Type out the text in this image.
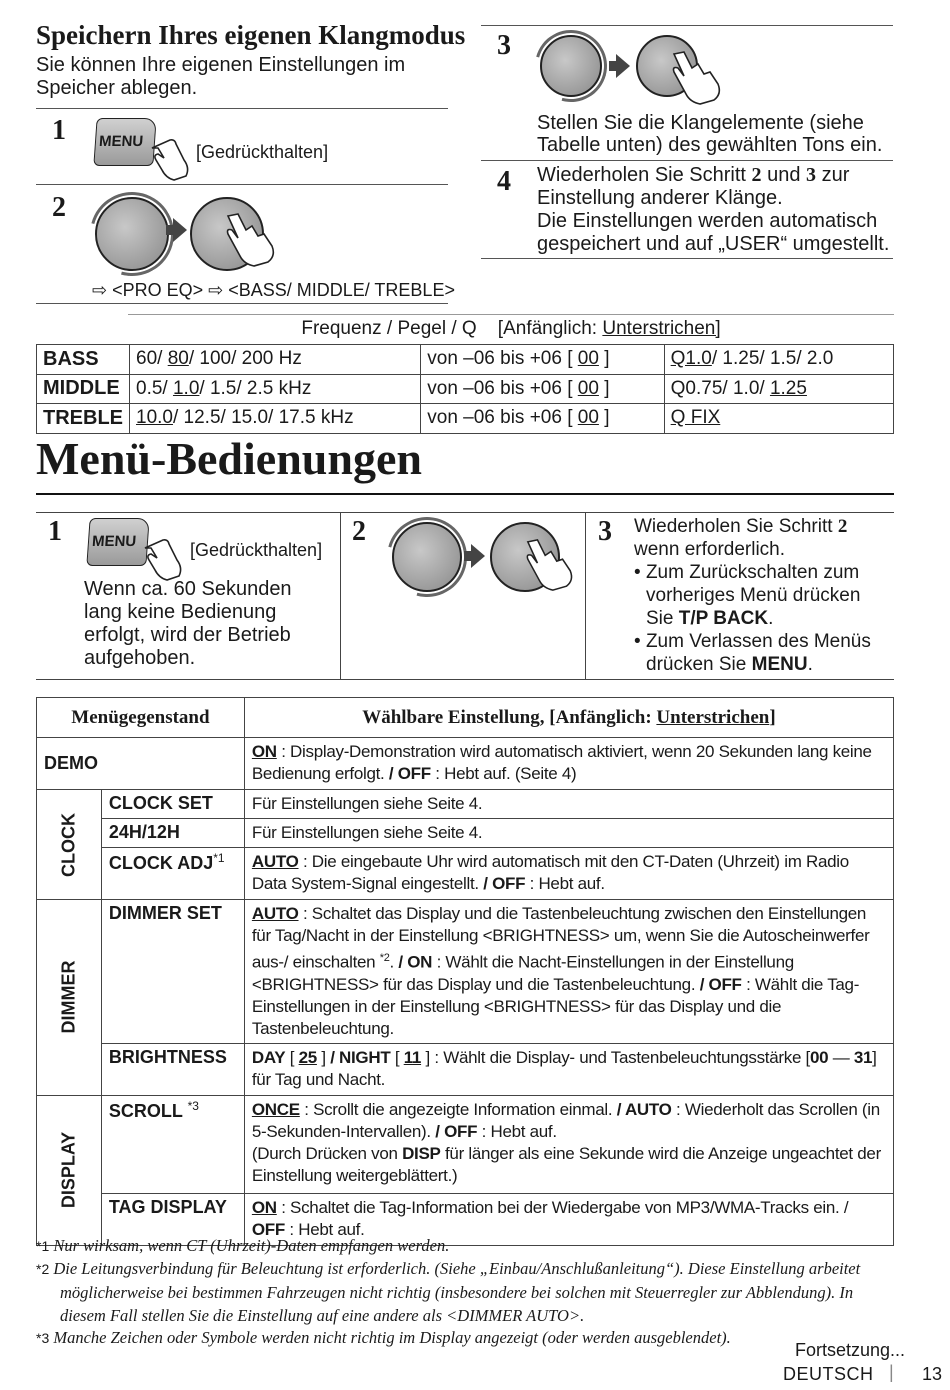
Speichern Ihres eigenen Klangmodus
Sie können Ihre eigenen Einstellungen im Speicher ablegen.
1 MENU
[Gedrückthalten]
2
⇨ <PRO EQ> ⇨ <BASS/ MIDDLE/ TREBLE>
3
Stellen Sie die Klangelemente (siehe Tabelle unten) des gewählten Tons ein.
4 Wiederholen Sie Schritt 2 und 3 zur
Einstellung anderer Klänge.
Die Einstellungen werden automatisch
gespeichert und auf „USER“ umgestellt.
Frequenz / Pegel / Q [Anfänglich: Unterstrichen]
BASS	60/ 80/ 100/ 200 Hz	von –06 bis +06 [ 00 ]	Q1.0/ 1.25/ 1.5/ 2.0
MIDDLE	0.5/ 1.0/ 1.5/ 2.5 kHz	von –06 bis +06 [ 00 ]	Q0.75/ 1.0/ 1.25
TREBLE	10.0/ 12.5/ 15.0/ 17.5 kHz	von –06 bis +06 [ 00 ]	Q FIX
Menü-Bedienungen
1 MENU	[Gedrückthalten]
Wenn ca. 60 Sekunden lang keine Bedienung erfolgt, wird der Betrieb aufgehoben.
2	3 Wiederholen Sie Schritt 2 wenn erforderlich.
• Zum Zurückschalten zum vorheriges Menü drücken Sie T/P BACK.
• Zum Verlassen des Menüs drücken Sie MENU.
Menügegenstand		Wählbare Einstellung, [Anfänglich: Unterstrichen]
DEMO		ON : Display-Demonstration wird automatisch aktiviert, wenn 20 Sekunden lang keine Bedienung erfolgt. / OFF : Hebt auf. (Seite 4)

CLOCK	CLOCK SET	Für Einstellungen siehe Seite 4.
	24H/12H	Für Einstellungen siehe Seite 4.
	CLOCK ADJ$^{*1}$	AUTO : Die eingebaute Uhr wird automatisch mit den CT-Daten (Uhrzeit) im Radio Data System-Signal eingestellt. / OFF : Hebt auf.

DIMMER	DIMMER SET	AUTO : Schaltet das Display und die Tastenbeleuchtung zwischen den Einstellungen für Tag/Nacht in der Einstellung <BRIGHTNESS> um, wenn Sie die Autoscheinwerfer aus-/ einschalten $^{*2}$. / ON : Wählt die Nacht-Einstellungen in der Einstellung <BRIGHTNESS> für das Display und die Tastenbeleuchtung. / OFF : Wählt die Tag-Einstellungen in der Einstellung <BRIGHTNESS> für das Display und die Tastenbeleuchtung.
	BRIGHTNESS	DAY [ 25 ] / NIGHT [ 11 ] : Wählt die Display- und Tastenbeleuchtungsstärke [00 — 31] für Tag und Nacht.

DISPLAY	SCROLL $^{*3}$	ONCE : Scrollt die angezeigte Information einmal. / AUTO : Wiederholt das Scrollen (in 5-Sekunden-Intervallen). / OFF : Hebt auf.
(Durch Drücken von DISP für länger als eine Sekunde wird die Anzeige ungeachtet der Einstellung weitergeblättert.)
	TAG DISPLAY	ON : Schaltet die Tag-Information bei der Wiedergabe von MP3/WMA-Tracks ein. /
OFF : Hebt auf.
*1 Nur wirksam, wenn CT (Uhrzeit)-Daten empfangen werden.
*2 Die Leitungsverbindung für Beleuchtung ist erforderlich. (Siehe „Einbau/Anschlußanleitung“). Diese Einstellung arbeitet möglicherweise bei bestimmen Fahrzeugen nicht richtig (insbesondere bei solchen mit Steuerregler zur Abblendung). In diesem Fall stellen Sie die Einstellung auf eine andere als <DIMMER AUTO>.
*3 Manche Zeichen oder Symbole werden nicht richtig im Display angezeigt (oder werden ausgeblendet).
Fortsetzung...
DEUTSCH | 13
